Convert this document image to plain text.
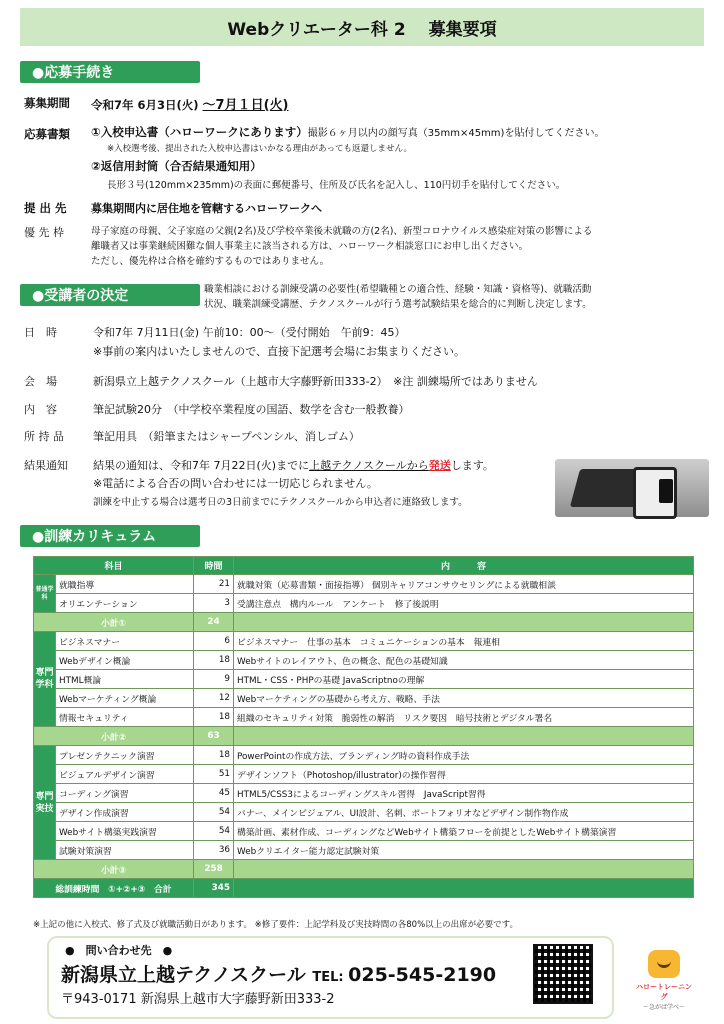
Webクリエーター科 2　 募集要項
●応募手続き
募集期間 令和7年 6月3日(火) ～7月１日(火)
応募書類 ①入校申込書（ハローワークにあります）撮影６ヶ月以内の顔写真（35mm×45mm)を貼付してください。
※入校選考後、提出された入校申込書はいかなる理由があっても返還しません。
②返信用封筒（合否結果通知用）
長形３号(120mm×235mm)の表面に郵便番号、住所及び氏名を記入し、110円切手を貼付してください。
提 出 先 募集期間内に居住地を管轄するハローワークへ
優 先 枠	母子家庭の母親、父子家庭の父親(2名)及び学校卒業後未就職の方(2名)、新型コロナウイルス感染症対策の影響による
離職者又は事業継続困難な個人事業主に該当される方は、ハローワーク相談窓口にお申し出ください。
ただし、優先枠は合格を確約するものではありません。
●受講者の決定	職業相談における訓練受講の必要性(希望職種との適合性、経験・知識・資格等)、就職活動
状況、職業訓練受講歴、テクノスクールが行う選考試験結果を総合的に判断し決定します。
日　時	令和7年 7月11日(金) 午前10：00～（受付開始　午前9：45）
※事前の案内はいたしませんので、直接下記選考会場にお集まりください。
会　場	新潟県立上越テクノスクール（上越市大字藤野新田333-2）　※注 訓練場所ではありません
内　容	筆記試験20分　（中学校卒業程度の国語、数学を含む一般教養）
所 持 品	筆記用具　（鉛筆またはシャープペンシル、消しゴム）
結果通知 結果の通知は、令和7年 7月22日(火)までに上越テクノスクールから発送します。
※電話による合否の問い合わせには一切応じられません。
訓練を中止する場合は選考日の3日前までにテクノスクールから申込者に連絡致します。
●訓練カリキュラム
科目		時間	内　　　容
普通学科	就職指導	21	就職対策（応募書類・面接指導） 個別キャリアコンサウセリングによる就職相談
	オリエンテーション	3	受講注意点　構内ルール　アンケート　修了後説明
小計①		24	
専門学科	ビジネスマナー	6	ビジネスマナー　仕事の基本　コミュニケーションの基本　報連相
	Webデザイン概論	18	Webサイトのレイアウト、色の概念、配色の基礎知識
	HTML概論	9	HTML・CSS・PHPの基礎 JavaScriptnoの理解
	Webマーケティング概論	12	Webマーケティングの基礎から考え方、戦略、手法
	情報セキュリティ	18	組織のセキュリティ対策　脆弱性の解消　リスク要因　暗号技術とデジタル署名
小計②		63	
専門実技	プレゼンテクニック演習	18	PowerPointの作成方法、ブランディング時の資料作成手法
	ビジュアルデザイン演習	51	デザインソフト（Photoshop/illustrator)の操作習得
	コーディング演習	45	HTML5/CSS3によるコーディングスキル習得　JavaScript習得
	デザイン作成演習	54	バナー、メインビジュアル、UI設計、名刺、ポートフォリオなどデザイン制作物作成
	Webサイト構築実践演習	54	構築計画、素材作成、コーディングなどWebサイト構築フローを前提としたWebサイト構築演習
	試験対策演習	36	Webクリエイター能力認定試験対策
小計③		258	
総訓練時間　①+②+③　合計		345	
※上記の他に入校式、修了式及び就職活動日があります。 ※修了要件：上記学科及び実技時間の各80%以上の出席が必要です。
●　問い合わせ先　●
新潟県立上越テクノスクール TEL: 025-545-2190
〒943-0171 新潟県上越市大字藤野新田333-2
ハロートレーニング
～急がば学べ～
